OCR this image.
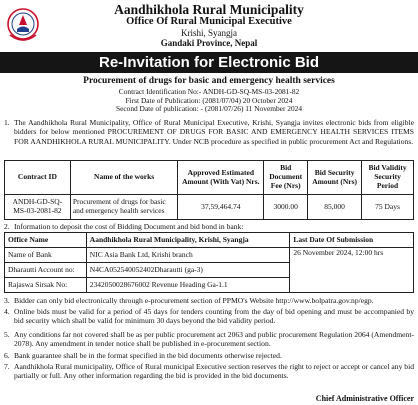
Aandhikhola Rural Municipality
Office Of Rural Municipal Executive
Krishi, Syangja
Gandaki Province, Nepal
Re-Invitation for Electronic Bid
Procurement of drugs for basic and emergency health services
Contract Identification No:- ANDH-GD-SQ-MS-03-2081-82
First Date of Publication: (2081/07/04) 20 October 2024
Second Date of publication: - (2081/07/26) 11 November 2024
1. The Aandhikhola Rural Municipality, Office of Rural Municipal Executive, Krishi, Syangja invites electronic bids from eligible bidders for below mentioned PROCUREMENT OF DRUGS FOR BASIC AND EMERGENCY HEALTH SERVICES ITEMS FOR AANDHIKHOLA RURAL MUNICIPALITY. Under NCB procedure as specified in public procurement Act and Regulations.
Contract ID	Name of the works	Approved Estimated Amount (With Vat) Nrs.	Bid Document Fee (Nrs)	Bid Security Amount (Nrs)	Bid Validity Security Period
ANDH-GD-SQ-MS-03-2081-82	Procurement of drugs for basic and emergency health services	37,59,464.74	3000.00	85,000	75 Days
2. Information to deposit the cost of Bidding Document and bid bond in bank:
Office Name	Aandhikhola Rural Municipality, Krishi, Syangja	Last Date Of Submission
Name of Bank	NIC Asia Bank Ltd, Krishi branch	26 November 2024, 12:00 hrs
Dharautti Account no:	N4CA052540052402Dharautti (ga-3)	
Rajaswa Sirsak No:	2342050028676002 Revenue Heading Ga-1.1	
3. Bidder can only bid electronically through e-procurement section of PPMO's Website http://www.bolpatra.gov.np/egp.
4. Online bids must be valid for a period of 45 days for tenders counting from the day of bid opening and must be accompanied by bid security which shall be valid for minimum 30 days beyond the bid validity period.
5. Any conditions far not covered shall be as per public procurement act 2063 and public procurement Regulation 2064 (Amendment-2078). Any amendment in tender notice shall be published in e-procurement section.
6. Bank guarantee shall be in the format specified in the bid documents otherwise rejected.
7. Aandhikhola Rural municipality, Office of Rural municipal Executive section reserves the right to reject or accept or cancel any bid partially or full. Any other information regarding the bid is provided in the bid documents.
Chief Administrative Officer
